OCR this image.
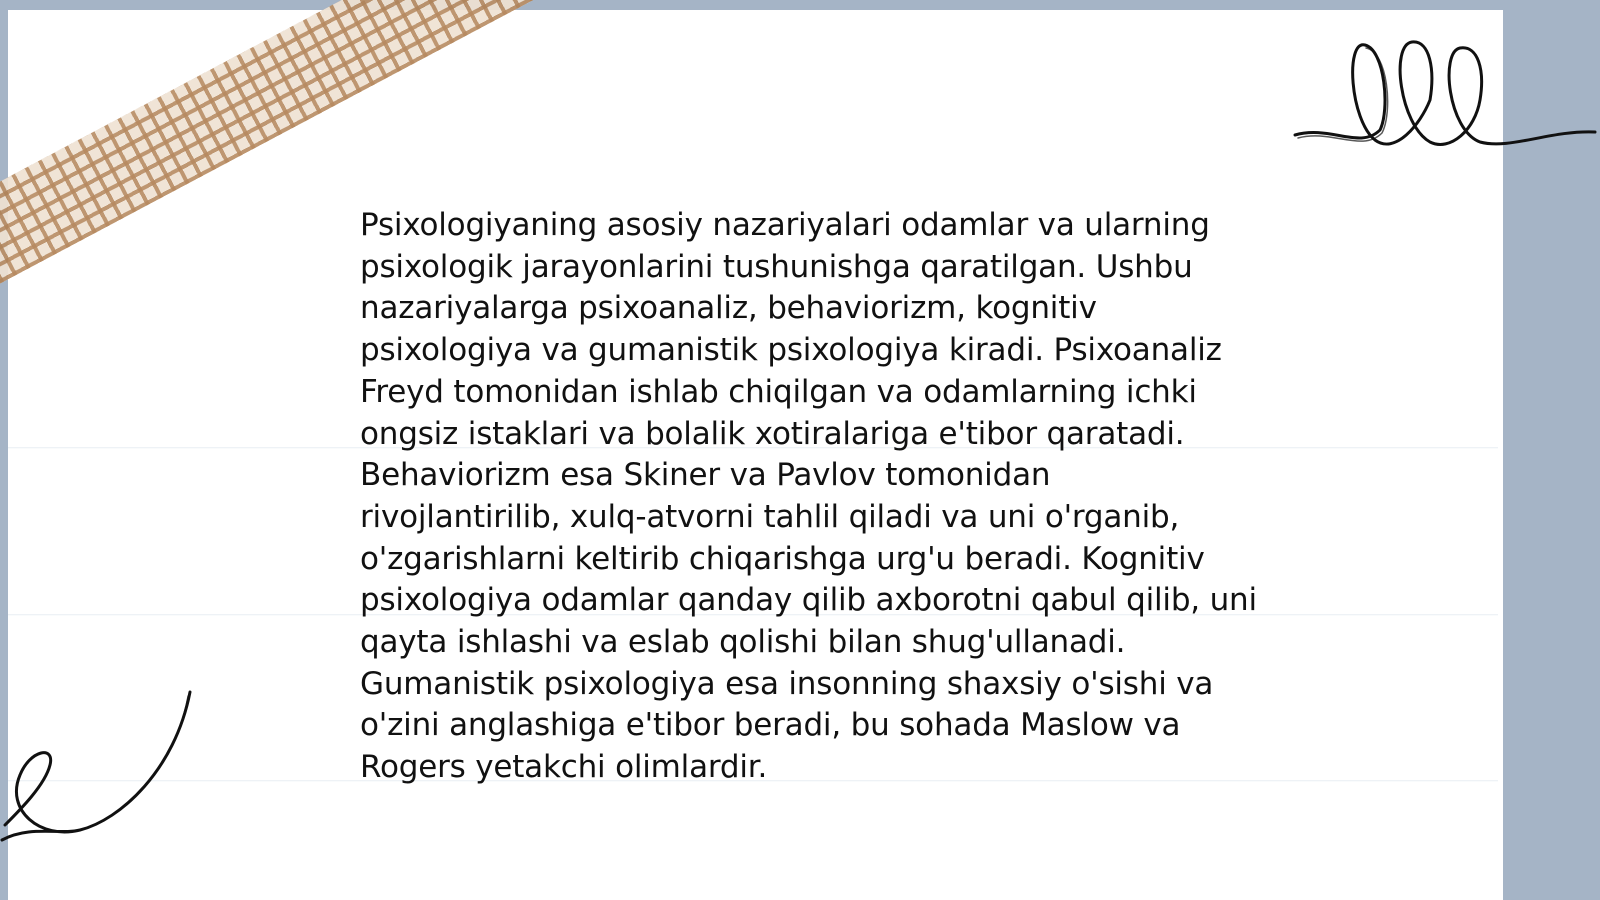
Psixologiyaning asosiy nazariyalari odamlar va ularning psixologik jarayonlarini tushunishga qaratilgan. Ushbu nazariyalarga psixoanaliz, behaviorizm, kognitiv psixologiya va gumanistik psixologiya kiradi. Psixoanaliz Freyd tomonidan ishlab chiqilgan va odamlarning ichki ongsiz istaklari va bolalik xotiralariga e'tibor qaratadi. Behaviorizm esa Skiner va Pavlov tomonidan rivojlantirilib, xulq-atvorni tahlil qiladi va uni o'rganib, o'zgarishlarni keltirib chiqarishga urg'u beradi. Kognitiv psixologiya odamlar qanday qilib axborotni qabul qilib, uni qayta ishlashi va eslab qolishi bilan shug'ullanadi. Gumanistik psixologiya esa insonning shaxsiy o'sishi va o'zini anglashiga e'tibor beradi, bu sohada Maslow va Rogers yetakchi olimlardir.
